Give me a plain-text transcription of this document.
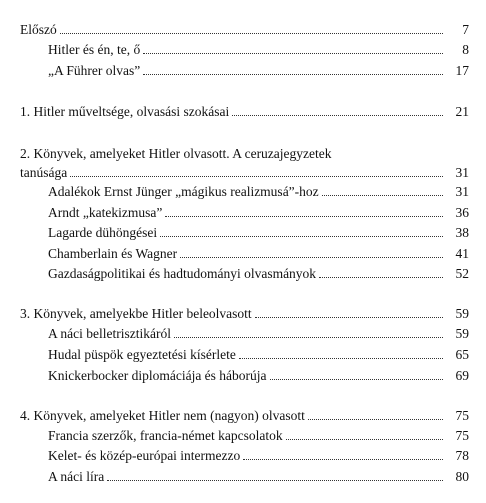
Előszó	7
Hitler és én, te, ő	8
„A Führer olvas”	17
1. Hitler műveltsége, olvasási szokásai	21
2. Könyvek, amelyeket Hitler olvasott. A ceruzajegyzetek
tanúsága	31
Adalékok Ernst Jünger „mágikus realizmusá”-hoz	31
Arndt „katekizmusa”	36
Lagarde dühöngései	38
Chamberlain és Wagner	41
Gazdaságpolitikai és hadtudományi olvasmányok	52
3. Könyvek, amelyekbe Hitler beleolvasott	59
A náci belletrisztikáról	59
Hudal püspök egyeztetési kísérlete	65
Knickerbocker diplomáciája és háborúja	69
4. Könyvek, amelyeket Hitler nem (nagyon) olvasott	75
Francia szerzők, francia-német kapcsolatok	75
Kelet- és közép-európai intermezzo	78
A náci líra	80
